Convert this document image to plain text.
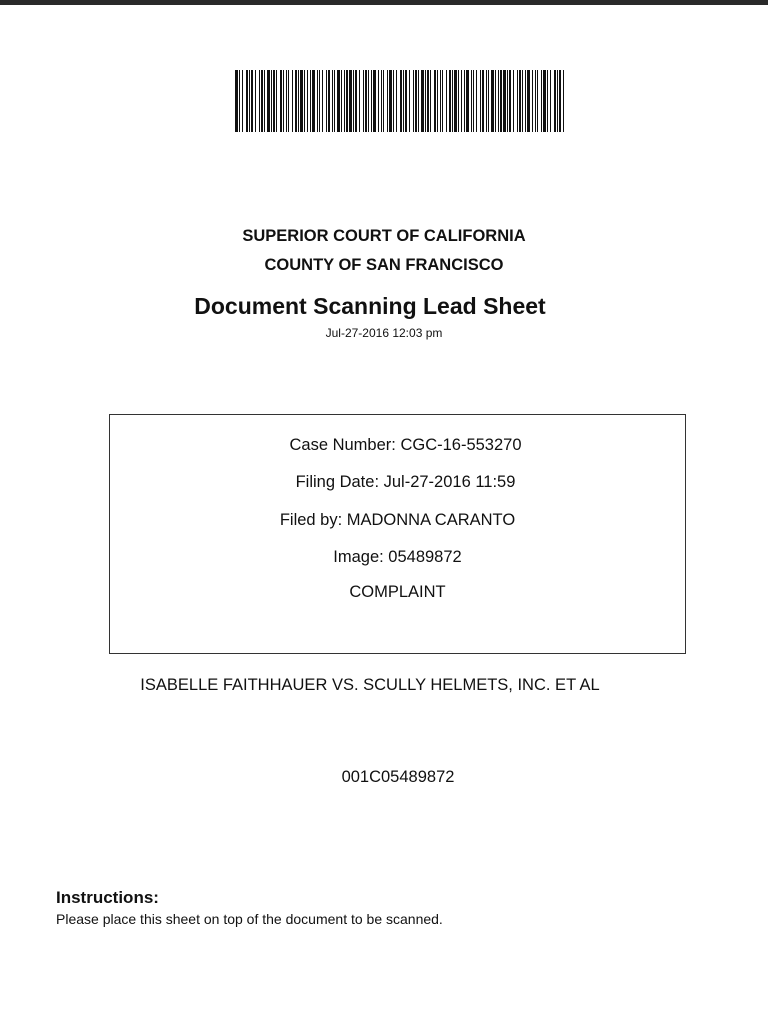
SUPERIOR COURT OF CALIFORNIA
COUNTY OF SAN FRANCISCO
Document Scanning Lead Sheet
Jul-27-2016 12:03 pm
Case Number: CGC-16-553270
Filing Date: Jul-27-2016 11:59
Filed by: MADONNA CARANTO
Image: 05489872
COMPLAINT
ISABELLE FAITHHAUER VS. SCULLY HELMETS, INC. ET AL
001C05489872
Instructions:
Please place this sheet on top of the document to be scanned.
